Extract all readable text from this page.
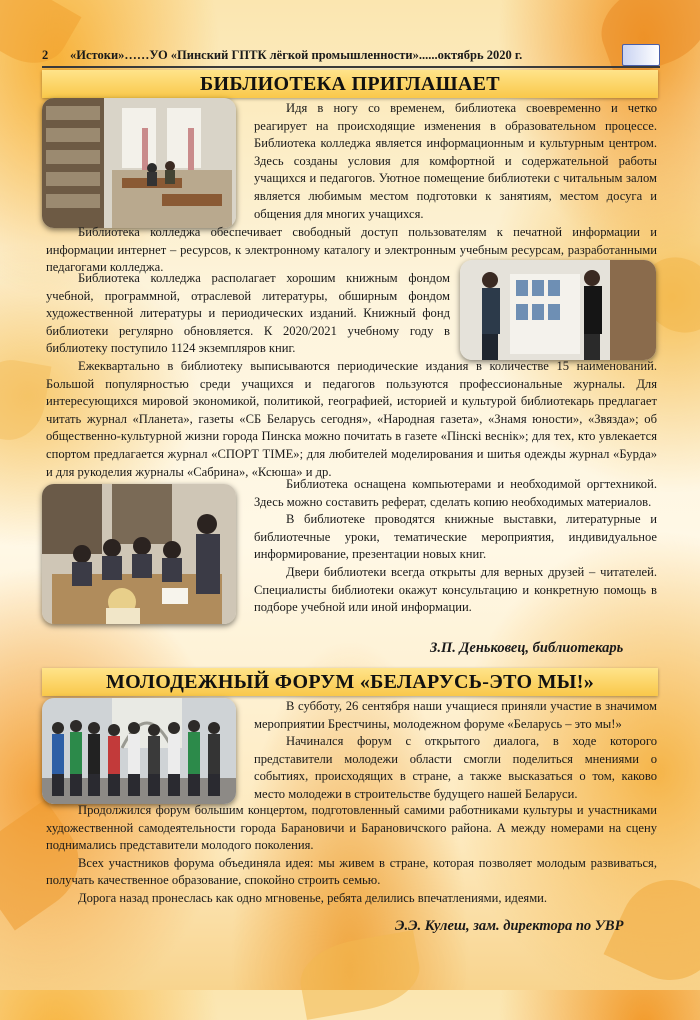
2	«Истоки»……УО «Пинский ГПТК лёгкой промышленности»......октябрь 2020 г.
БИБЛИОТЕКА ПРИГЛАШАЕТ

Идя в ногу со временем, библиотека своевременно и четко реагирует на происходящие изменения в образовательном процессе. Библиотека колледжа является информационным и культурным центром. Здесь созданы условия для комфортной и содержательной работы учащихся и педагогов. Уютное помещение библиотеки с читальным залом является любимым местом подготовки к занятиям, местом досуга и общения для многих учащихся.

Библиотека колледжа обеспечивает свободный доступ пользователям к печатной информации и информации интернет – ресурсов, к электронному каталогу и электронным учебным ресурсам, разработанными педагогами колледжа.

Библиотека колледжа располагает хорошим книжным фондом учебной, программной, отраслевой литературы, обширным фондом художественной литературы и периодических изданий. Книжный фонд библиотеки регулярно обновляется. К 2020/2021 учебному году в библиотеку поступило 1124 экземпляров книг.

Ежеквартально в библиотеку выписываются периодические издания в количестве 15 наименований. Большой популярностью среди учащихся и педагогов пользуются профессиональные журналы. Для интересующихся мировой экономикой, политикой, географией, историей и культурой библиотекарь предлагает читать журнал «Планета», газеты «СБ Беларусь сегодня», «Народная газета», «Знамя юности», «Звязда»; об общественно-культурной жизни города Пинска можно почитать в газете «Пінскі веснік»; для тех, кто увлекается спортом предлагается журнал «СПОРТ TIME»; для любителей моделирования и шитья одежды журнал «Бурда» и для рукоделия журналы «Сабрина», «Ксюша» и др.

Библиотека оснащена компьютерами и необходимой оргтехникой. Здесь можно составить реферат, сделать копию необходимых материалов.

В библиотеке проводятся книжные выставки, литературные и библиотечные уроки, тематические мероприятия, индивидуальное информирование, презентации новых книг.

Двери библиотеки всегда открыты для верных друзей – читателей. Специалисты библиотеки окажут консультацию и конкретную помощь в подборе учебной или иной информации.

З.П. Деньковец, библиотекарь
МОЛОДЕЖНЫЙ ФОРУМ «БЕЛАРУСЬ-ЭТО МЫ!»

В субботу, 26 сентября наши учащиеся приняли участие в значимом мероприятии Брестчины, молодежном форуме «Беларусь – это мы!»

Начинался форум с открытого диалога, в ходе которого представители молодежи области смогли поделиться мнениями о событиях, происходящих в стране, а также высказаться о том, каково место молодежи в строительстве будущего нашей Беларуси.

Продолжился форум большим концертом, подготовленный самими работниками культуры и участниками художественной самодеятельности города Барановичи и Барановичского района. А между номерами на сцену поднимались представители молодого поколения.

Всех участников форума объединяла идея: мы живем в стране, которая позволяет молодым развиваться, получать качественное образование, спокойно строить семью.

Дорога назад пронеслась как одно мгновенье, ребята делились впечатлениями, идеями.

Э.Э. Кулеш, зам. директора по УВР
